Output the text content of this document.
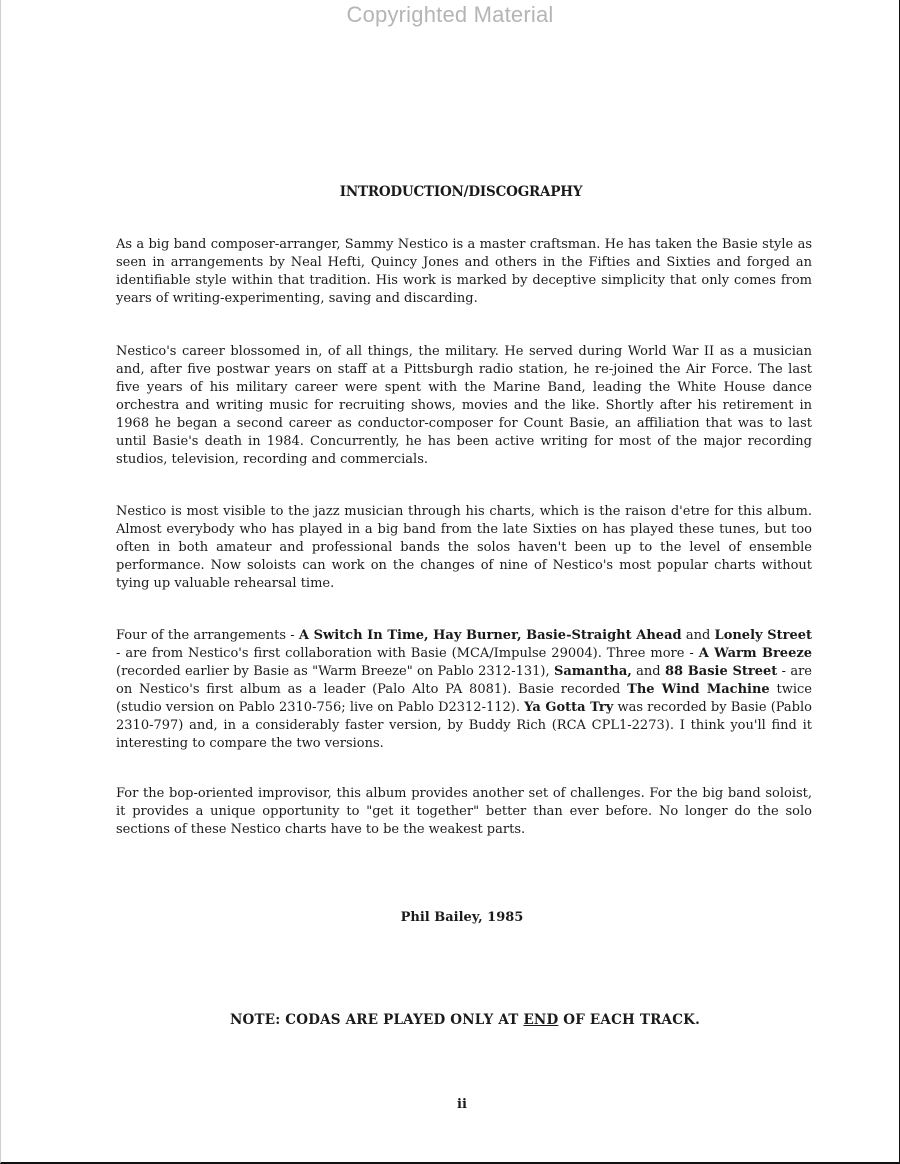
Copyrighted Material
INTRODUCTION/DISCOGRAPHY

As a big band composer-arranger, Sammy Nestico is a master craftsman. He has taken the Basie style as seen in arrangements by Neal Hefti, Quincy Jones and others in the Fifties and Sixties and forged an identifiable style within that tradition. His work is marked by deceptive simplicity that only comes from years of writing-experimenting, saving and discarding.

Nestico's career blossomed in, of all things, the military. He served during World War II as a musician and, after five postwar years on staff at a Pittsburgh radio station, he re-joined the Air Force. The last five years of his military career were spent with the Marine Band, leading the White House dance orchestra and writing music for recruiting shows, movies and the like. Shortly after his retirement in 1968 he began a second career as conductor-composer for Count Basie, an affiliation that was to last until Basie's death in 1984. Concurrently, he has been active writing for most of the major recording studios, television, recording and commercials.

Nestico is most visible to the jazz musician through his charts, which is the raison d'etre for this album. Almost everybody who has played in a big band from the late Sixties on has played these tunes, but too often in both amateur and professional bands the solos haven't been up to the level of ensemble performance. Now soloists can work on the changes of nine of Nestico's most popular charts without tying up valuable rehearsal time.

Four of the arrangements - A Switch In Time, Hay Burner, Basie-Straight Ahead and Lonely Street - are from Nestico's first collaboration with Basie (MCA/Impulse 29004). Three more - A Warm Breeze (recorded earlier by Basie as "Warm Breeze" on Pablo 2312-131), Samantha, and 88 Basie Street - are on Nestico's first album as a leader (Palo Alto PA 8081). Basie recorded The Wind Machine twice (studio version on Pablo 2310-756; live on Pablo D2312-112). Ya Gotta Try was recorded by Basie (Pablo 2310-797) and, in a considerably faster version, by Buddy Rich (RCA CPL1-2273). I think you'll find it interesting to compare the two versions.

For the bop-oriented improvisor, this album provides another set of challenges. For the big band soloist, it provides a unique opportunity to "get it together" better than ever before. No longer do the solo sections of these Nestico charts have to be the weakest parts.

Phil Bailey, 1985
NOTE: CODAS ARE PLAYED ONLY AT END OF EACH TRACK.
ii
